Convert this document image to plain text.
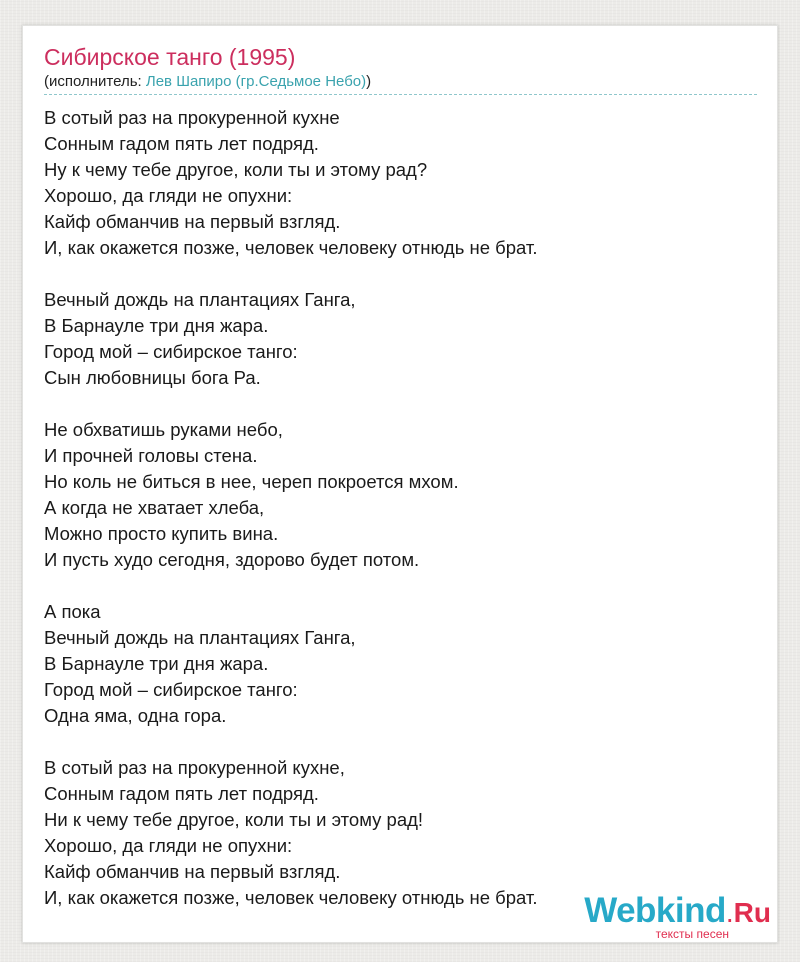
Сибирское танго (1995)
(исполнитель: Лев Шапиро (гр.Седьмое Небо))
В сотый раз на прокуренной кухне
Сонным гадом пять лет подряд.
Ну к чему тебе другое, коли ты и этому рад?
Хорошо, да гляди не опухни:
Кайф обманчив на первый взгляд.
И, как окажется позже, человек человеку отнюдь не брат.
Вечный дождь на плантациях Ганга,
В Барнауле три дня жара.
Город мой – сибирское танго:
Сын любовницы бога Ра.
Не обхватишь руками небо,
И прочней головы стена.
Но коль не биться в нее, череп покроется мхом.
А когда не хватает хлеба,
Можно просто купить вина.
И пусть худо сегодня, здорово будет потом.
А пока
Вечный дождь на плантациях Ганга,
В Барнауле три дня жара.
Город мой – сибирское танго:
Одна яма, одна гора.
В сотый раз на прокуренной кухне,
Сонным гадом пять лет подряд.
Ни к чему тебе другое, коли ты и этому рад!
Хорошо, да гляди не опухни:
Кайф обманчив на первый взгляд.
И, как окажется позже, человек человеку отнюдь не брат.	Webkind.Ru
тексты песен
